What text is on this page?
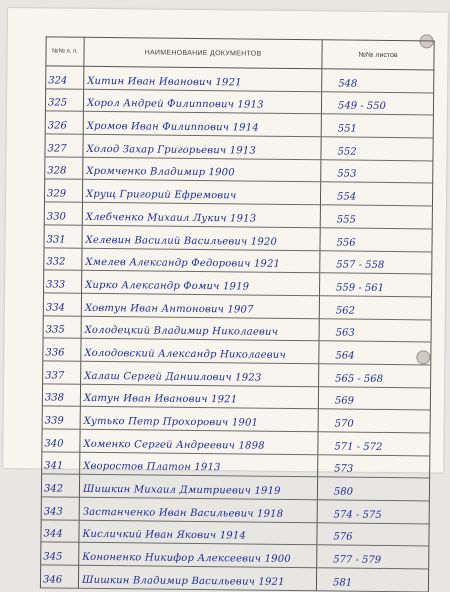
№№ п. п.	НАИМЕНОВАНИЕ ДОКУМЕНТОВ	№№ листов
324	Хитин Иван Иванович 1921	548
325	Хорол Андрей Филиппович 1913	549 - 550
326	Хромов Иван Филиппович 1914	551
327	Холод Захар Григорьевич 1913	552
328	Хромченко Владимир 1900	553
329	Хрущ Григорий Ефремович	554
330	Хлебченко Михаил Лукич 1913	555
331	Хелевин Василий Васильевич 1920	556
332	Хмелев Александр Федорович 1921	557 - 558
333	Хирко Александр Фомич 1919	559 - 561
334	Ховтун Иван Антонович 1907	562
335	Холодецкий Владимир Николаевич	563
336	Холодовский Александр Николаевич	564
337	Халаш Сергей Даниилович 1923	565 - 568
338	Хатун Иван Иванович 1921	569
339	Хутько Петр Прохорович 1901	570
340	Хоменко Сергей Андреевич 1898	571 - 572
341	Хворостов Платон 1913	573
342	Шишкин Михаил Дмитриевич 1919	580
343	Застанченко Иван Васильевич 1918	574 - 575
344	Кисличкий Иван Якович 1914	576
345	Кононенко Никифор Алексеевич 1900	577 - 579
346	Шишкин Владимир Васильевич 1921	581
